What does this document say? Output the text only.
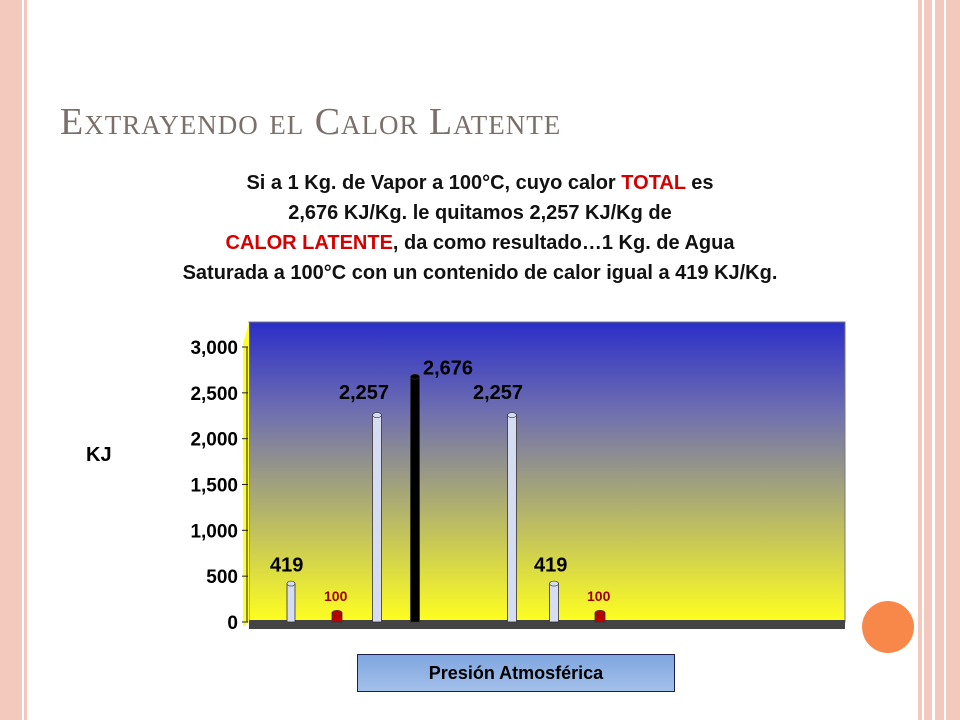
Extrayendo el Calor Latente
Si a 1 Kg. de Vapor a 100°C, cuyo calor TOTAL es
2,676 KJ/Kg. le quitamos 2,257 KJ/Kg de
CALOR LATENTE, da como resultado…1 Kg. de Agua
Saturada a 100°C con un contenido de calor igual a 419 KJ/Kg.
0
500
1,000
1,500
2,000
2,500
3,000
419
100
2,257
2,676
2,257
419
100
KJ
Presión Atmosférica
